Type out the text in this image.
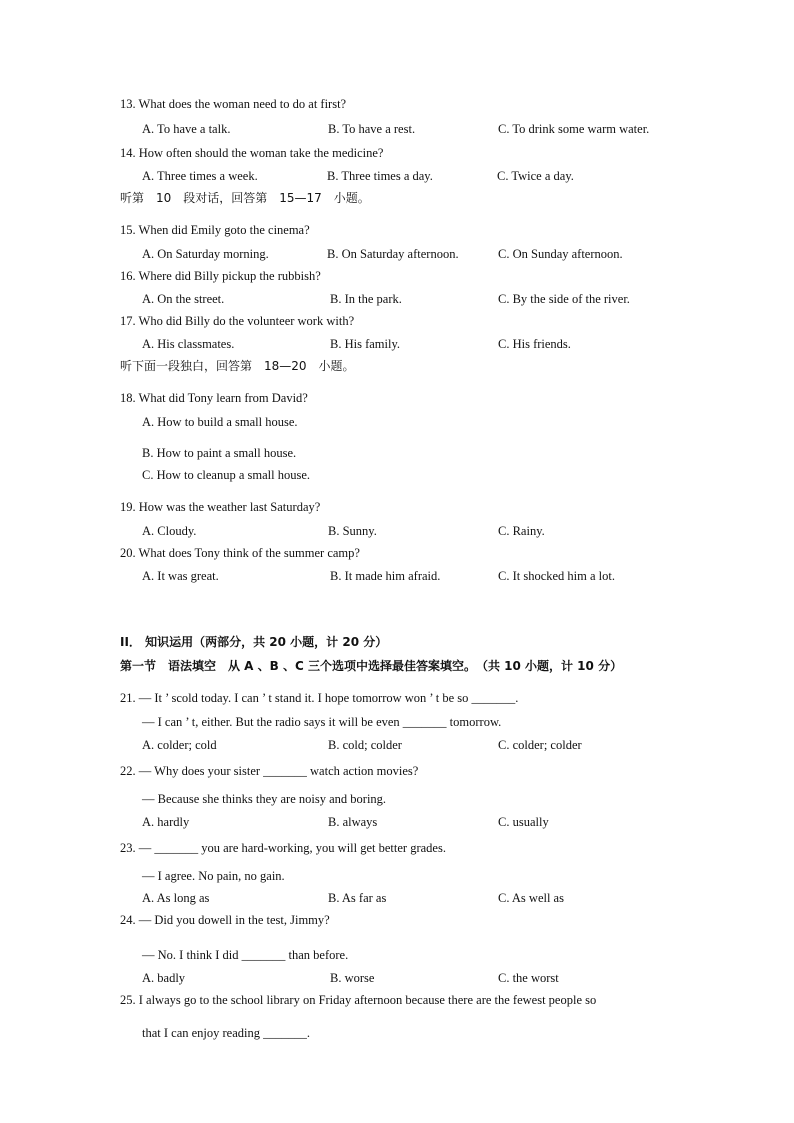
13. What does the woman need to do at first?
A. To have a talk.	B. To have a rest.	C. To drink some warm water.
14. How often should the woman take the medicine?
A. Three times a week.	B. Three times a day.	C. Twice a day.
听第　10　段对话，回答第　15—17　小题。
15. When did Emily goto the cinema?
A. On Saturday morning.	B. On Saturday afternoon.	C. On Sunday afternoon.
16. Where did Billy pickup the rubbish?
A. On the street.	B. In the park.	C. By the side of the river.
17. Who did Billy do the volunteer work with?
A. His classmates.	B. His family.	C. His friends.
听下面一段独白，回答第　18—20　小题。
18. What did Tony learn from David?
A. How to build a small house.
B. How to paint a small house.
C. How to cleanup a small house.
19. How was the weather last Saturday?
A. Cloudy.	B. Sunny.	C. Rainy.
20. What does Tony think of the summer camp?
A. It was great.	B. It made him afraid.	C. It shocked him a lot.
II． 知识运用（两部分，共 20 小题，计 20 分）
第一节　语法填空　从 A 、B 、C 三个选项中选择最佳答案填空。　（共 10 小题，计 10 分）
21. — It ’ scold today. I can ’ t stand it. I hope tomorrow won ’ t be so _______.
— I can ’ t, either. But the radio says it will be even _______ tomorrow.
A. colder; cold	B. cold; colder	C. colder; colder
22. — Why does your sister _______ watch action movies?
— Because she thinks they are noisy and boring.
A. hardly	B. always	C. usually
23. — _______ you are hard-working, you will get better grades.
— I agree. No pain, no gain.
A. As long as	B. As far as	C. As well as
24. — Did you dowell in the test, Jimmy?
— No. I think I did _______ than before.
A. badly	B. worse	C. the worst
25. I always go to the school library on Friday afternoon because there are the fewest people so
that I can enjoy reading _______.
